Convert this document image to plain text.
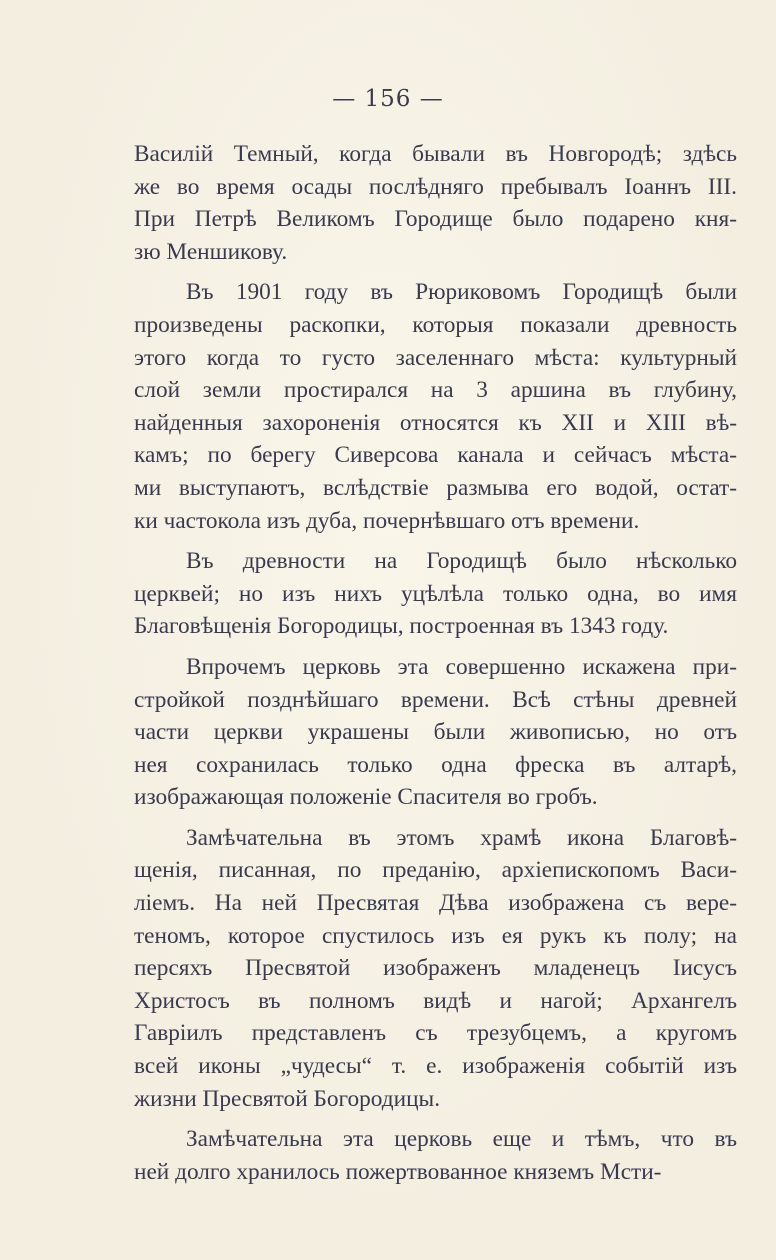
— 156 —
Василій Темный, когда бывали въ Новгородѣ; здѣсь
же во время осады послѣдняго пребывалъ Іоаннъ III.
При Петрѣ Великомъ Городище было подарено кня-
зю Меншикову.
Въ 1901 году въ Рюриковомъ Городищѣ были
произведены раскопки, которыя показали древность
этого когда то густо заселеннаго мѣста: культурный
слой земли простирался на 3 аршина въ глубину,
найденныя захороненія относятся къ XII и XIII вѣ-
камъ; по берегу Сиверсова канала и сейчасъ мѣста-
ми выступаютъ, вслѣдствіе размыва его водой, остат-
ки частокола изъ дуба, почернѣвшаго отъ времени.
Въ древности на Городищѣ было нѣсколько
церквей; но изъ нихъ уцѣлѣла только одна, во имя
Благовѣщенія Богородицы, построенная въ 1343 году.
Впрочемъ церковь эта совершенно искажена при-
стройкой позднѣйшаго времени. Всѣ стѣны древней
части церкви украшены были живописью, но отъ
нея сохранилась только одна фреска въ алтарѣ,
изображающая положеніе Спасителя во гробъ.
Замѣчательна въ этомъ храмѣ икона Благовѣ-
щенія, писанная, по преданію, архіепископомъ Васи-
ліемъ. На ней Пресвятая Дѣва изображена съ вере-
теномъ, которое спустилось изъ ея рукъ къ полу; на
персяхъ Пресвятой изображенъ младенецъ Іисусъ
Христосъ въ полномъ видѣ и нагой; Архангелъ
Гавріилъ представленъ съ трезубцемъ, а кругомъ
всей иконы „чудесы“ т. е. изображенія событій изъ
жизни Пресвятой Богородицы.
Замѣчательна эта церковь еще и тѣмъ, что въ
ней долго хранилось пожертвованное княземъ Мсти-
